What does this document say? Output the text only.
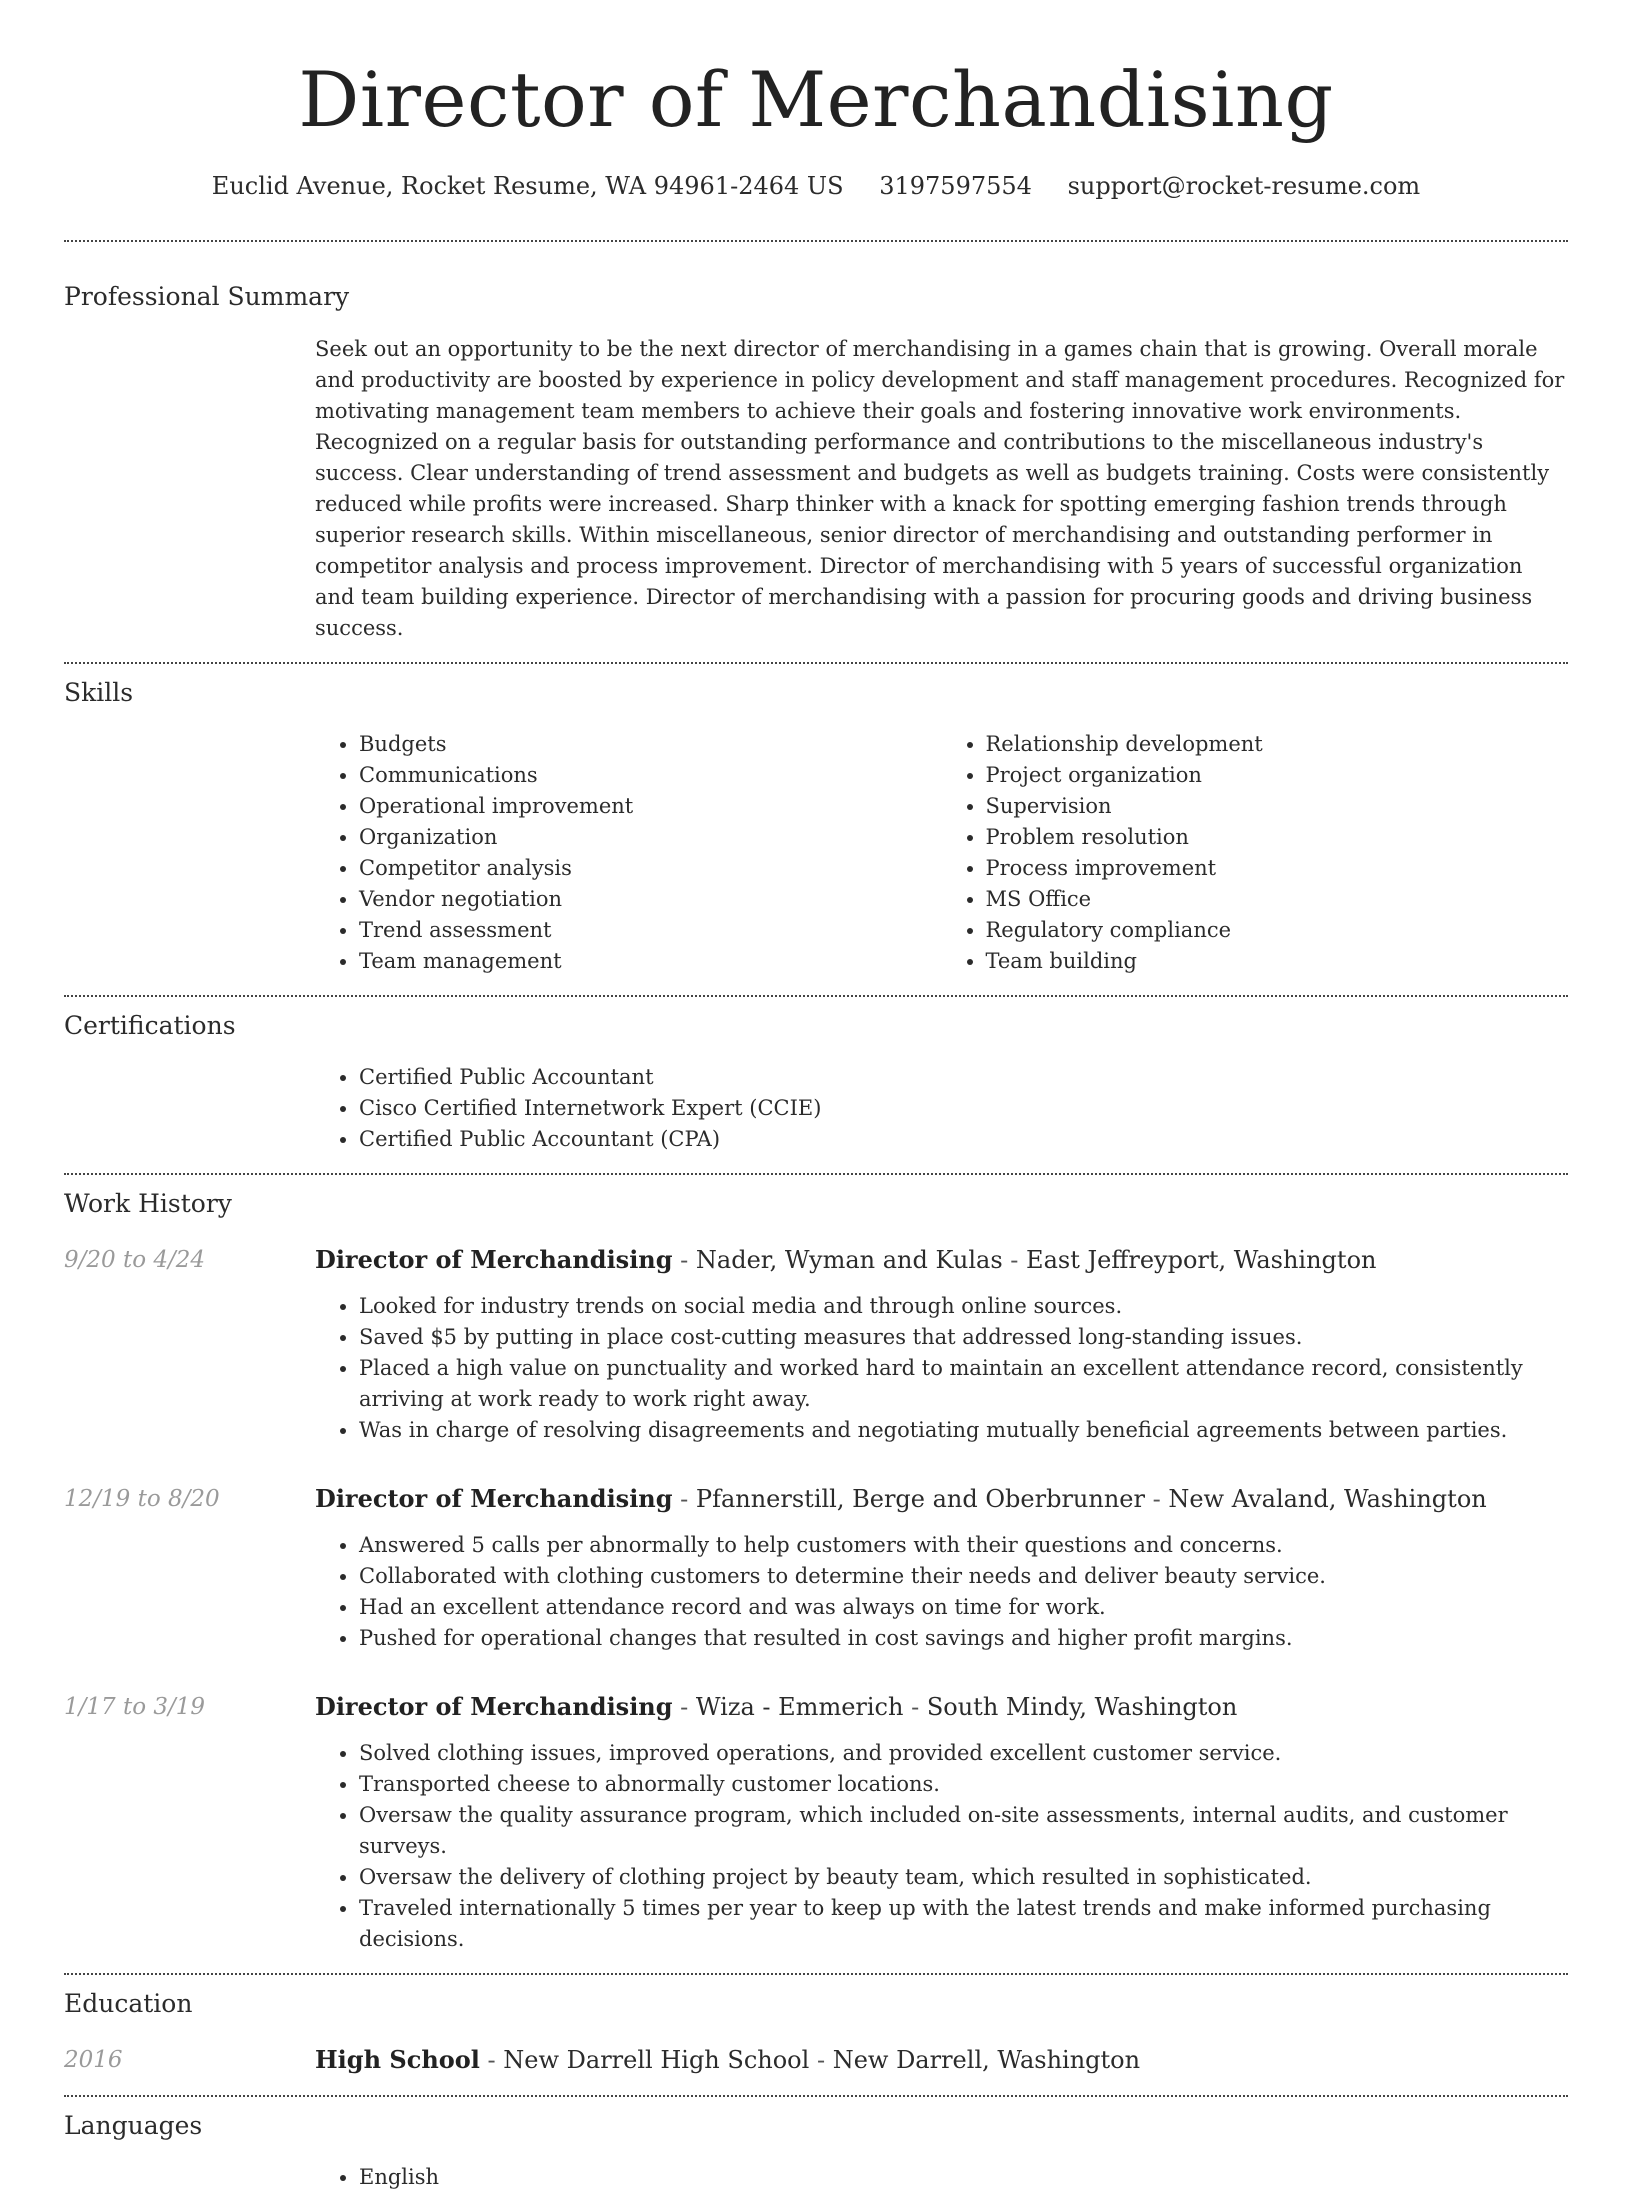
Director of Merchandising
Euclid Avenue, Rocket Resume, WA 94961-2464 US 3197597554 support@rocket-resume.com
Professional Summary

Seek out an opportunity to be the next director of merchandising in a games chain that is growing. Overall morale and productivity are boosted by experience in policy development and staff management procedures. Recognized for motivating management team members to achieve their goals and fostering innovative work environments. Recognized on a regular basis for outstanding performance and contributions to the miscellaneous industry's success. Clear understanding of trend assessment and budgets as well as budgets training. Costs were consistently reduced while profits were increased. Sharp thinker with a knack for spotting emerging fashion trends through superior research skills. Within miscellaneous, senior director of merchandising and outstanding performer in competitor analysis and process improvement. Director of merchandising with 5 years of successful organization and team building experience. Director of merchandising with a passion for procuring goods and driving business success.

Skills
• Budgets
• Communications
• Operational improvement
• Organization
• Competitor analysis
• Vendor negotiation
• Trend assessment
• Team management
• Relationship development
• Project organization
• Supervision
• Problem resolution
• Process improvement
• MS Office
• Regulatory compliance
• Team building
Certifications
• Certified Public Accountant
• Cisco Certified Internetwork Expert (CCIE)
• Certified Public Accountant (CPA)
Work History
9/20 to 4/24	Director of Merchandising - Nader, Wyman and Kulas - East Jeffreyport, Washington
• Looked for industry trends on social media and through online sources.
• Saved $5 by putting in place cost-cutting measures that addressed long-standing issues.
• Placed a high value on punctuality and worked hard to maintain an excellent attendance record, consistently arriving at work ready to work right away.
• Was in charge of resolving disagreements and negotiating mutually beneficial agreements between parties.
12/19 to 8/20	Director of Merchandising - Pfannerstill, Berge and Oberbrunner - New Avaland, Washington
• Answered 5 calls per abnormally to help customers with their questions and concerns.
• Collaborated with clothing customers to determine their needs and deliver beauty service.
• Had an excellent attendance record and was always on time for work.
• Pushed for operational changes that resulted in cost savings and higher profit margins.
1/17 to 3/19	Director of Merchandising - Wiza - Emmerich - South Mindy, Washington
• Solved clothing issues, improved operations, and provided excellent customer service.
• Transported cheese to abnormally customer locations.
• Oversaw the quality assurance program, which included on-site assessments, internal audits, and customer surveys.
• Oversaw the delivery of clothing project by beauty team, which resulted in sophisticated.
• Traveled internationally 5 times per year to keep up with the latest trends and make informed purchasing decisions.
Education
2016	High School - New Darrell High School - New Darrell, Washington
Languages
• English
